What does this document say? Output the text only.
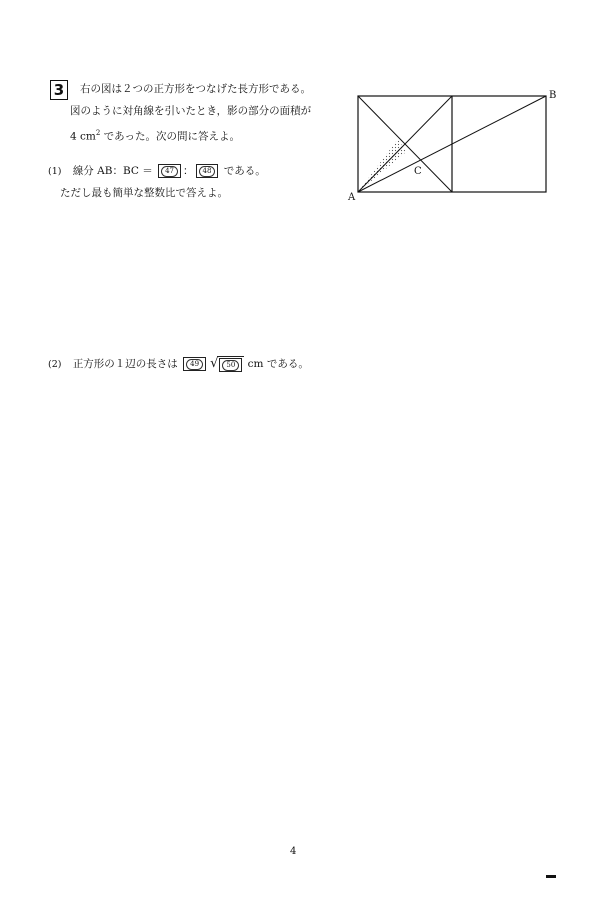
3	右の図は２つの正方形をつなげた長方形である。
図のように対角線を引いたとき，影の部分の面積が
4 $cm^2$ であった。次の問に答えよ。
(1) 線分 AB：BC ＝ 47 ： 48 である。
ただし最も簡単な整数比で答えよ。
(2) 正方形の１辺の長さは 49 √ 50 cm である。
A
B
C
4
